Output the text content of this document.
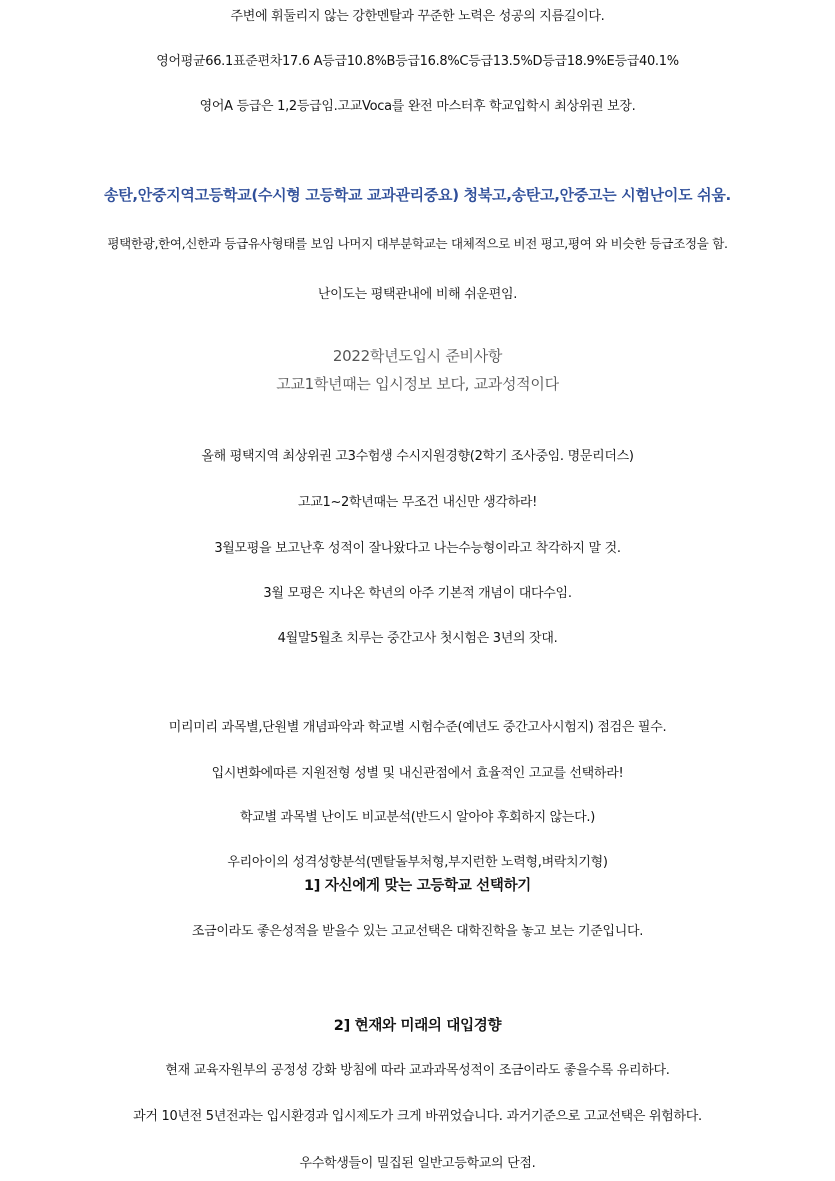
주변에 휘둘리지 않는 강한멘탈과 꾸준한 노력은 성공의 지름길이다.
영어평균66.1표준편차17.6 A등급10.8%B등급16.8%C등급13.5%D등급18.9%E등급40.1%
영어A 등급은 1,2등급임.고교Voca를 완전 마스터후 학교입학시 최상위권 보장.
송탄,안중지역고등학교(수시형 고등학교 교과관리중요) 청북고,송탄고,안중고는 시험난이도 쉬움.
평택한광,한여,신한과 등급유사형태를 보임 나머지 대부분학교는 대체적으로 비전 평고,평여 와 비슷한 등급조정을 함.
난이도는 평택관내에 비해 쉬운편임.
2022학년도입시 준비사항
고교1학년때는 입시정보 보다, 교과성적이다
올해 평택지역 최상위권 고3수험생 수시지원경향(2학기 조사중임. 명문리더스)
고교1~2학년때는 무조건 내신만 생각하라!
3월모평을 보고난후 성적이 잘나왔다고 나는수능형이라고 착각하지 말 것.
3월 모평은 지나온 학년의 아주 기본적 개념이 대다수임.
4월말5월초 치루는 중간고사 첫시험은 3년의 잣대.
미리미리 과목별,단원별 개념파악과 학교별 시험수준(예년도 중간고사시험지) 점검은 필수.
입시변화에따른 지원전형 성별 및 내신관점에서 효율적인 고교를 선택하라!
학교별 과목별 난이도 비교분석(반드시 알아야 후회하지 않는다.)
우리아이의 성격성향분석(멘탈돌부처형,부지런한 노력형,벼락치기형)
1] 자신에게 맞는 고등학교 선택하기
조금이라도 좋은성적을 받을수 있는 고교선택은 대학진학을 놓고 보는 기준입니다.
2] 현재와 미래의 대입경향
현재 교육자원부의 공정성 강화 방침에 따라 교과과목성적이 조금이라도 좋을수록 유리하다.
과거 10년전 5년전과는 입시환경과 입시제도가 크게 바뀌었습니다. 과거기준으로 고교선택은 위험하다.
우수학생들이 밀집된 일반고등학교의 단점.
